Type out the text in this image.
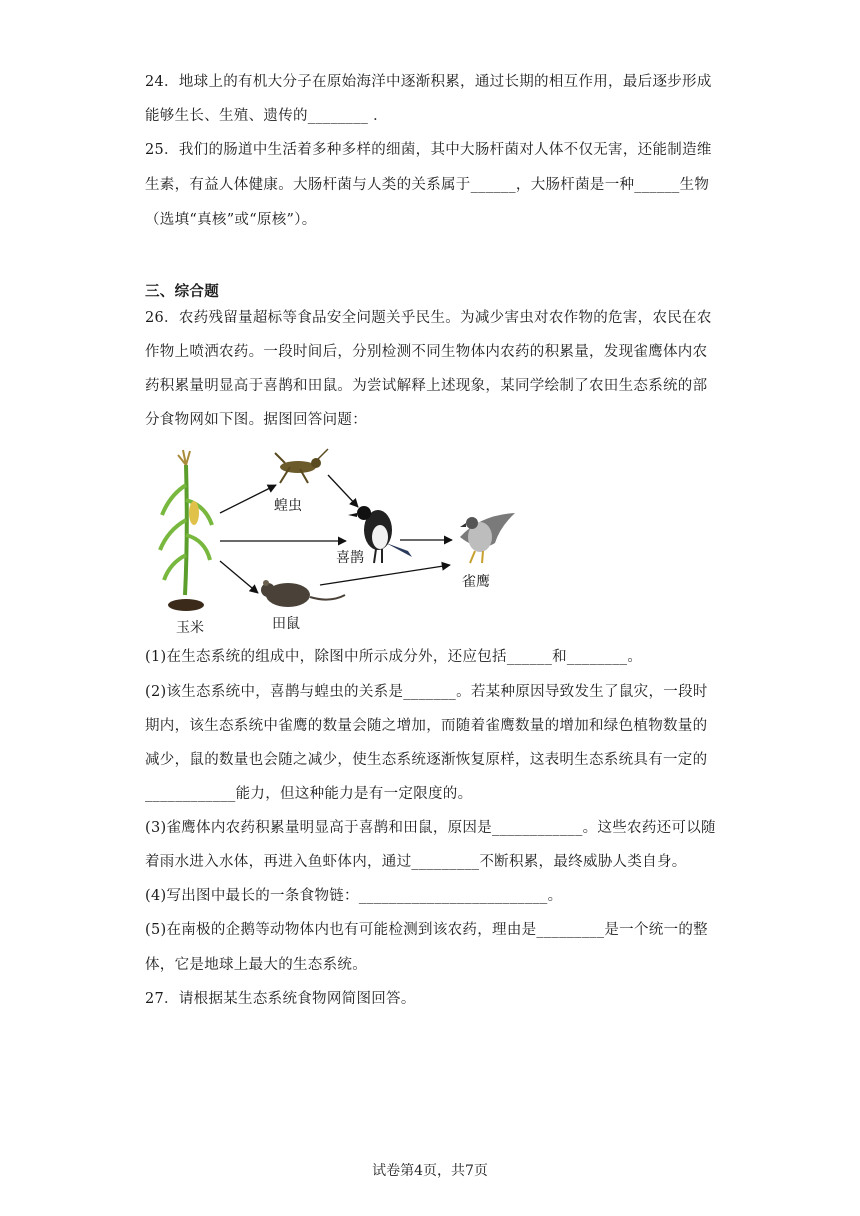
24．地球上的有机大分子在原始海洋中逐渐积累，通过长期的相互作用，最后逐步形成
能够生长、生殖、遗传的________ ．
25．我们的肠道中生活着多种多样的细菌，其中大肠杆菌对人体不仅无害，还能制造维
生素，有益人体健康。大肠杆菌与人类的关系属于______，大肠杆菌是一种______生物
（选填“真核”或“原核”）。
三、综合题
26．农药残留量超标等食品安全问题关乎民生。为减少害虫对农作物的危害，农民在农
作物上喷洒农药。一段时间后，分别检测不同生物体内农药的积累量，发现雀鹰体内农
药积累量明显高于喜鹊和田鼠。为尝试解释上述现象，某同学绘制了农田生态系统的部
分食物网如下图。据图回答问题：
玉米
蝗虫
喜鹊
田鼠
雀鹰
(1)在生态系统的组成中，除图中所示成分外，还应包括______和________。
(2)该生态系统中，喜鹊与蝗虫的关系是_______。若某种原因导致发生了鼠灾，一段时
期内，该生态系统中雀鹰的数量会随之增加，而随着雀鹰数量的增加和绿色植物数量的
减少，鼠的数量也会随之减少，使生态系统逐渐恢复原样，这表明生态系统具有一定的
____________能力，但这种能力是有一定限度的。
(3)雀鹰体内农药积累量明显高于喜鹊和田鼠，原因是____________。这些农药还可以随
着雨水进入水体，再进入鱼虾体内，通过_________不断积累，最终威胁人类自身。
(4)写出图中最长的一条食物链：_________________________。
(5)在南极的企鹅等动物体内也有可能检测到该农药，理由是_________是一个统一的整
体，它是地球上最大的生态系统。
27．请根据某生态系统食物网简图回答。
试卷第4页，共7页
